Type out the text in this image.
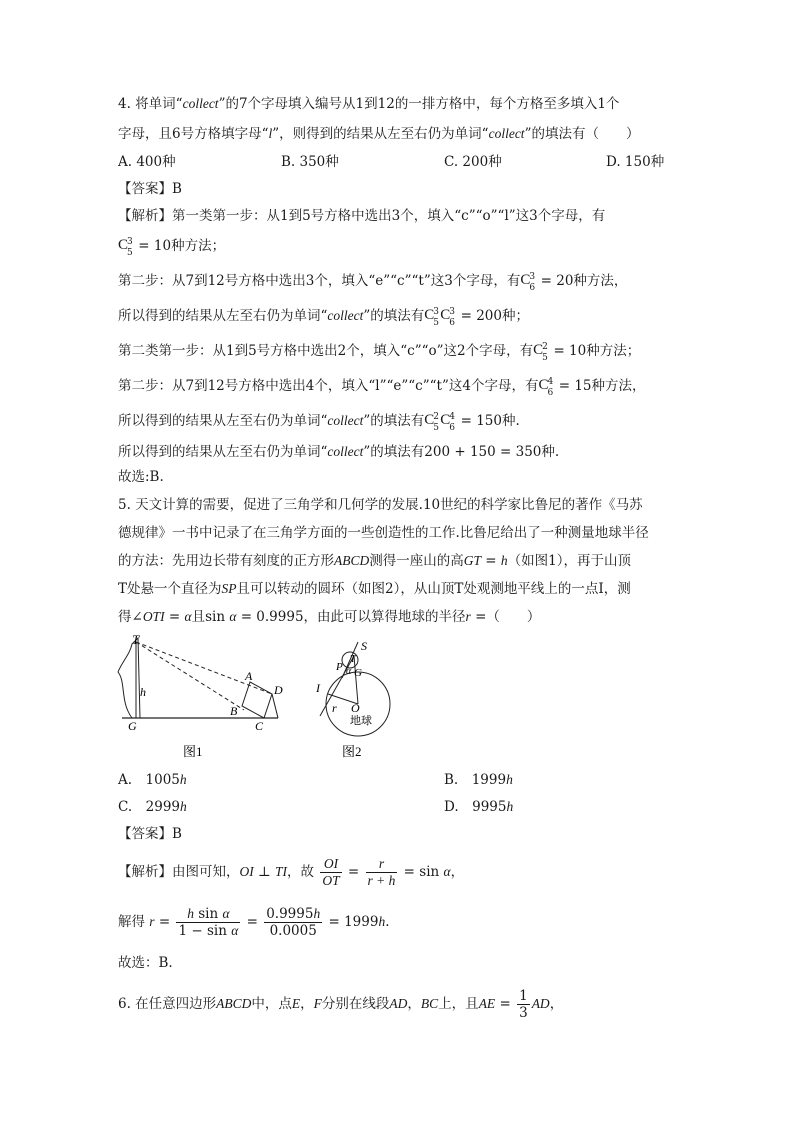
4. 将单词“collect”的7个字母填入编号从1到12的一排方格中，每个方格至多填入1个
字母，且6号方格填字母“l”，则得到的结果从左至右仍为单词“collect”的填法有（　　）
A. 400种	B. 350种	C. 200种	D. 150种
【答案】B
【解析】第一类第一步：从1到5号方格中选出3个，填入“c”“o”“l”这3个字母，有
C
3
5 = 10种方法；
第二步：从7到12号方格中选出3个，填入“e”“c”“t”这3个字母，有 C
3
6 = 20种方法，
所以得到的结果从左至右仍为单词“collect”的填法有 C
3
5 C
3
6 = 200种；
第二类第一步：从1到5号方格中选出2个，填入“c”“o”这2个字母，有 C
2
5 = 10种方法；
第二步：从7到12号方格中选出4个，填入“l”“e”“c”“t”这4个字母，有 C
4
6 = 15种方法，
所以得到的结果从左至右仍为单词“collect”的填法有 C
2
5 C
4
6 = 150种.
所以得到的结果从左至右仍为单词“collect”的填法有200 + 150 = 350种.
故选:B.
5. 天文计算的需要，促进了三角学和几何学的发展.10世纪的科学家比鲁尼的著作《马苏
德规律》一书中记录了在三角学方面的一些创造性的工作.比鲁尼给出了一种测量地球半径
的方法：先用边长带有刻度的正方形ABCD测得一座山的高GT = h（如图1），再于山顶
T处悬一个直径为SP且可以转动的圆环（如图2），从山顶T处观测地平线上的一点I，测
得∠OTI = α且sin α = 0.9995，由此可以算得地球的半径r =（　　）
T
A
D
h
B
C
G
图1
S
T
P α G
I
r O
地球
图2
A.　1005h	B.　1999h
C.　2999h	D.　9995h
【答案】B
【解析】由图可知，OI ⊥ TI，故 $\frac{OI}{OT} = \frac{r}{r + h} = \sin \alpha$，
解得 $r = \frac{\text{h sin α}}{\text{1 − sin α}} = \frac{0.9995h}{0.0005} = 1999h$.
故选：B.
6. 在任意四边形ABCD中，点E，F分别在线段AD，BC上，且AE = $\frac{1}{3}$ AD，
